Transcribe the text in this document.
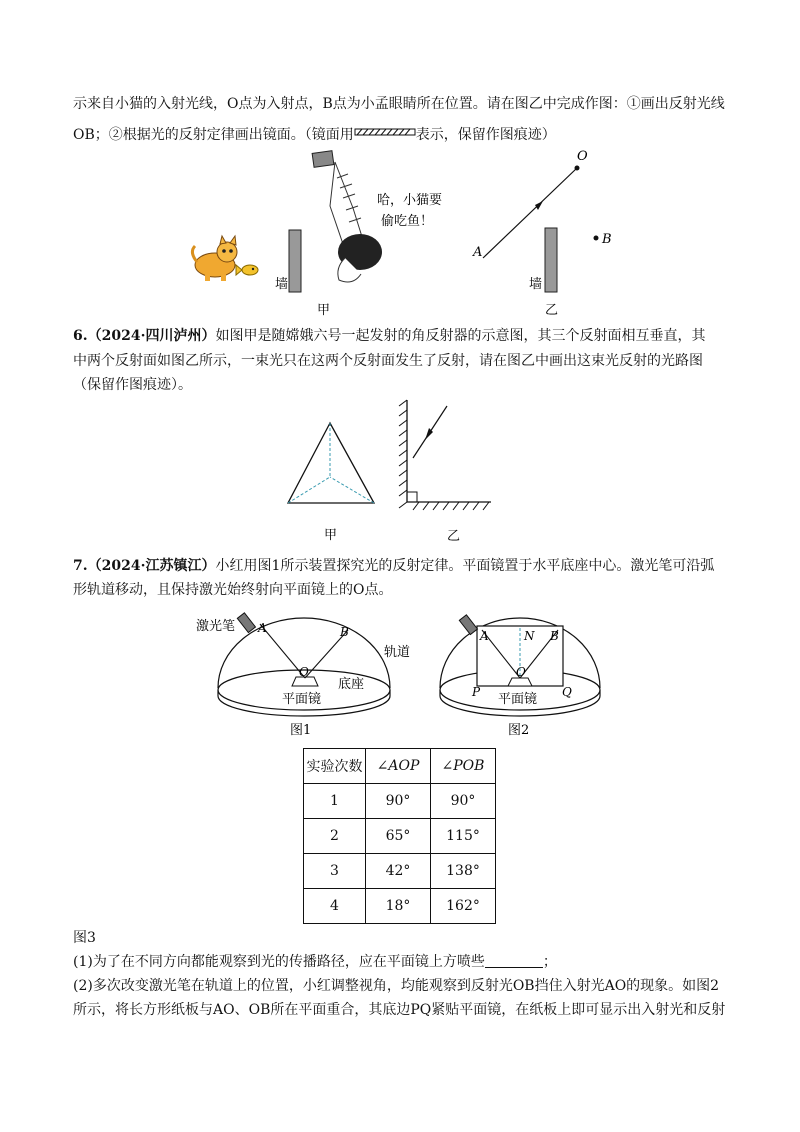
示来自小猫的入射光线，O点为入射点，B点为小孟眼睛所在位置。请在图乙中完成作图：①画出反射光线
OB；②根据光的反射定律画出镜面。（镜面用	表示，保留作图痕迹）
墙
哈，小猫要
偷吃鱼！
甲
O
A
B
墙
乙
6.（2024·四川泸州）如图甲是随嫦娥六号一起发射的角反射器的示意图，其三个反射面相互垂直，其
中两个反射面如图乙所示，一束光只在这两个反射面发生了反射，请在图乙中画出这束光反射的光路图
（保留作图痕迹）。
甲	乙
7.（2024·江苏镇江）小红用图1所示装置探究光的反射定律。平面镜置于水平底座中心。激光笔可沿弧
形轨道移动，且保持激光始终射向平面镜上的O点。
激光笔 A	B
O
轨道
底座
平面镜
图1
A	N B
O
P	Q
平面镜
图2
实验次数	∠AOP	∠POB
1	90°	90°
2	65°	115°
3	42°	138°
4	18°	162°
图3
(1)为了在不同方向都能观察到光的传播路径，应在平面镜上方喷些	；
(2)多次改变激光笔在轨道上的位置，小红调整视角，均能观察到反射光OB挡住入射光AO的现象。如图2
所示，将长方形纸板与AO、OB所在平面重合，其底边PQ紧贴平面镜，在纸板上即可显示出入射光和反射
